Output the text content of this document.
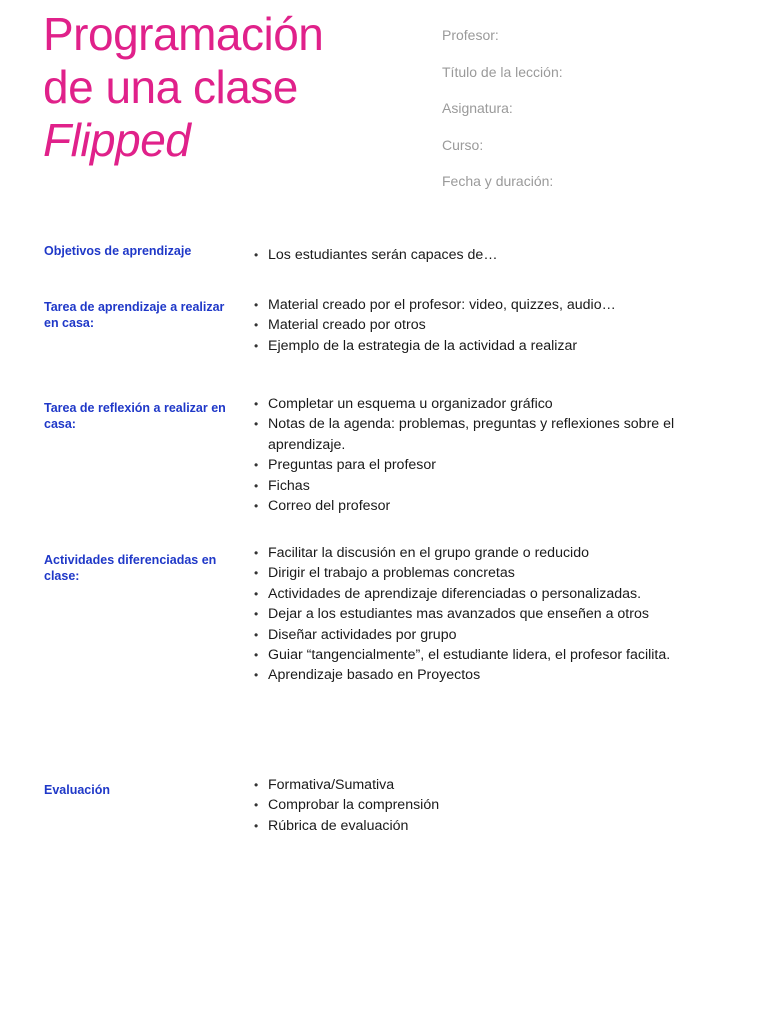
Programación
de una clase
Flipped
Profesor:
Título de la lección:
Asignatura:
Curso:
Fecha y duración:
Objetivos de aprendizaje	• Los estudiantes serán capaces de…
Tarea de aprendizaje a realizar en casa:
• Material creado por el profesor: video, quizzes, audio…
• Material creado por otros
• Ejemplo de la estrategia de la actividad a realizar
Tarea de reflexión a realizar en casa:
• Completar un esquema u organizador gráfico
• Notas de la agenda: problemas, preguntas y reflexiones sobre el aprendizaje.
• Preguntas para el profesor
• Fichas
• Correo del profesor
Actividades diferenciadas en clase:
• Facilitar la discusión en el grupo grande o reducido
• Dirigir el trabajo a problemas concretas
• Actividades de aprendizaje diferenciadas o personalizadas.
• Dejar a los estudiantes mas avanzados que enseñen a otros
• Diseñar actividades por grupo
• Guiar “tangencialmente”, el estudiante lidera, el profesor facilita.
• Aprendizaje basado en Proyectos
Evaluación	• Formativa/Sumativa
• Comprobar la comprensión
• Rúbrica de evaluación
